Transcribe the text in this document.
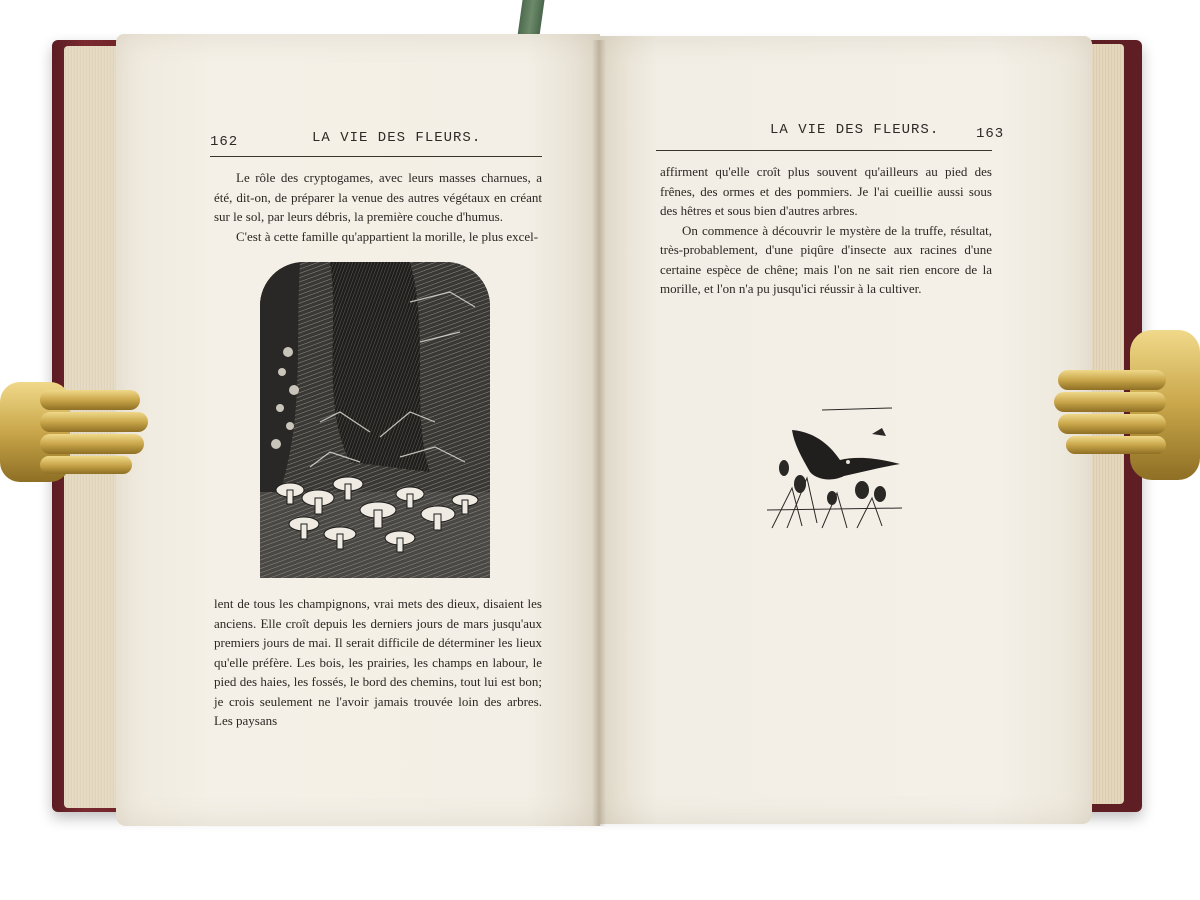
162	LA VIE DES FLEURS.

Le rôle des cryptogames, avec leurs masses charnues, a été, dit-on, de préparer la venue des autres végétaux en créant sur le sol, par leurs débris, la première couche d'humus.

C'est à cette famille qu'appartient la morille, le plus excel-

lent de tous les champignons, vrai mets des dieux, disaient les anciens. Elle croît depuis les derniers jours de mars jusqu'aux premiers jours de mai. Il serait difficile de déterminer les lieux qu'elle préfère. Les bois, les prairies, les champs en labour, le pied des haies, les fossés, le bord des chemins, tout lui est bon; je crois seulement ne l'avoir jamais trouvée loin des arbres. Les paysans

LA VIE DES FLEURS.	163

affirment qu'elle croît plus souvent qu'ailleurs au pied des frênes, des ormes et des pommiers. Je l'ai cueillie aussi sous des hêtres et sous bien d'autres arbres.

On commence à découvrir le mystère de la truffe, résultat, très-probablement, d'une piqûre d'insecte aux racines d'une certaine espèce de chêne; mais l'on ne sait rien encore de la morille, et l'on n'a pu jusqu'ici réussir à la cultiver.
